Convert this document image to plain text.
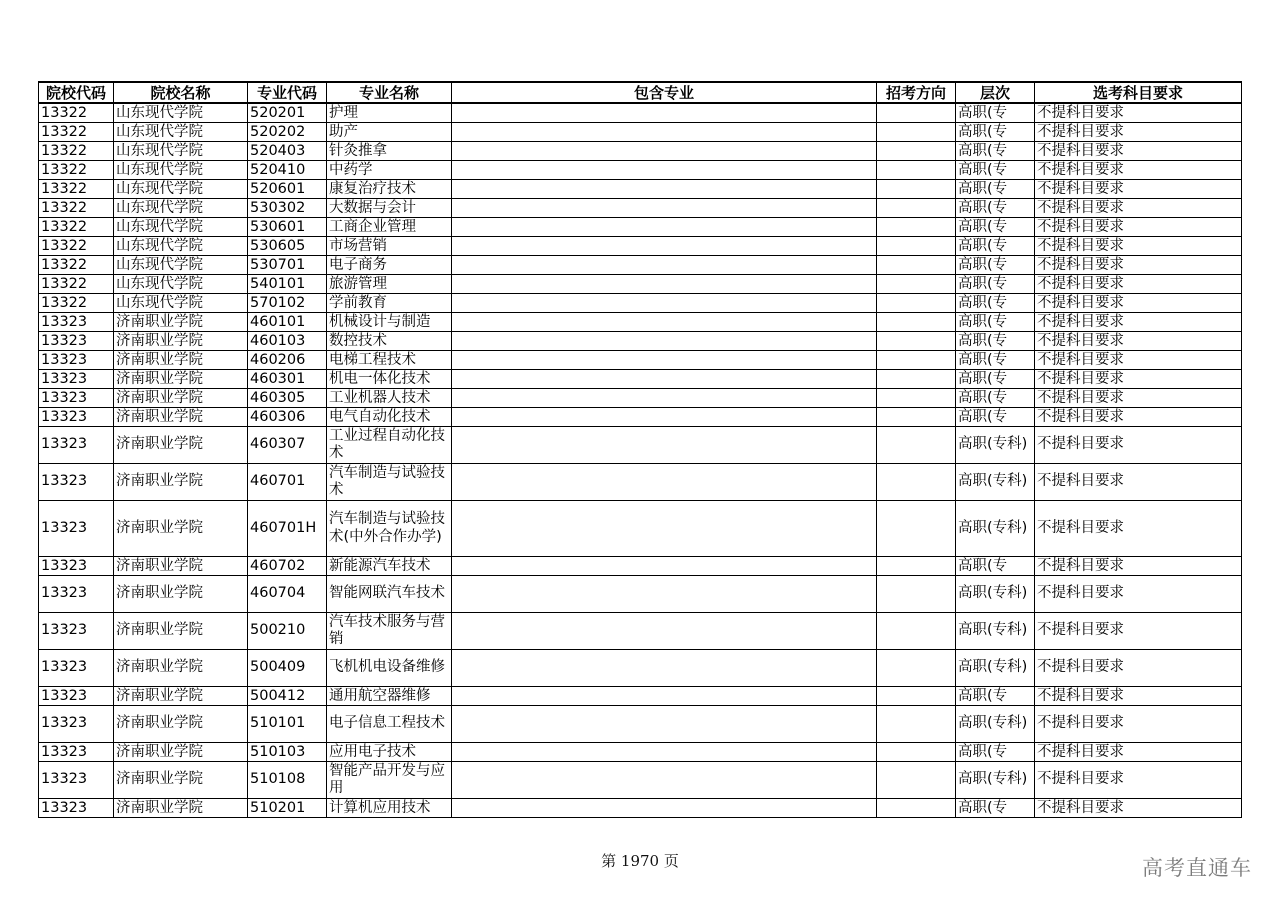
院校代码	院校名称	专业代码	专业名称	包含专业	招考方向	层次	选考科目要求
13322	山东现代学院	520201	护理			高职(专	不提科目要求
13322	山东现代学院	520202	助产			高职(专	不提科目要求
13322	山东现代学院	520403	针灸推拿			高职(专	不提科目要求
13322	山东现代学院	520410	中药学			高职(专	不提科目要求
13322	山东现代学院	520601	康复治疗技术			高职(专	不提科目要求
13322	山东现代学院	530302	大数据与会计			高职(专	不提科目要求
13322	山东现代学院	530601	工商企业管理			高职(专	不提科目要求
13322	山东现代学院	530605	市场营销			高职(专	不提科目要求
13322	山东现代学院	530701	电子商务			高职(专	不提科目要求
13322	山东现代学院	540101	旅游管理			高职(专	不提科目要求
13322	山东现代学院	570102	学前教育			高职(专	不提科目要求
13323	济南职业学院	460101	机械设计与制造			高职(专	不提科目要求
13323	济南职业学院	460103	数控技术			高职(专	不提科目要求
13323	济南职业学院	460206	电梯工程技术			高职(专	不提科目要求
13323	济南职业学院	460301	机电一体化技术			高职(专	不提科目要求
13323	济南职业学院	460305	工业机器人技术			高职(专	不提科目要求
13323	济南职业学院	460306	电气自动化技术			高职(专	不提科目要求
13323	济南职业学院	460307	工业过程自动化技术			高职(专科)	不提科目要求
13323	济南职业学院	460701	汽车制造与试验技术			高职(专科)	不提科目要求
13323	济南职业学院	460701H	汽车制造与试验技术(中外合作办学)			高职(专科)	不提科目要求
13323	济南职业学院	460702	新能源汽车技术			高职(专	不提科目要求
13323	济南职业学院	460704	智能网联汽车技术			高职(专科)	不提科目要求
13323	济南职业学院	500210	汽车技术服务与营销			高职(专科)	不提科目要求
13323	济南职业学院	500409	飞机机电设备维修			高职(专科)	不提科目要求
13323	济南职业学院	500412	通用航空器维修			高职(专	不提科目要求
13323	济南职业学院	510101	电子信息工程技术			高职(专科)	不提科目要求
13323	济南职业学院	510103	应用电子技术			高职(专	不提科目要求
13323	济南职业学院	510108	智能产品开发与应用			高职(专科)	不提科目要求
13323	济南职业学院	510201	计算机应用技术			高职(专	不提科目要求
第 1970 页	高考直通车
